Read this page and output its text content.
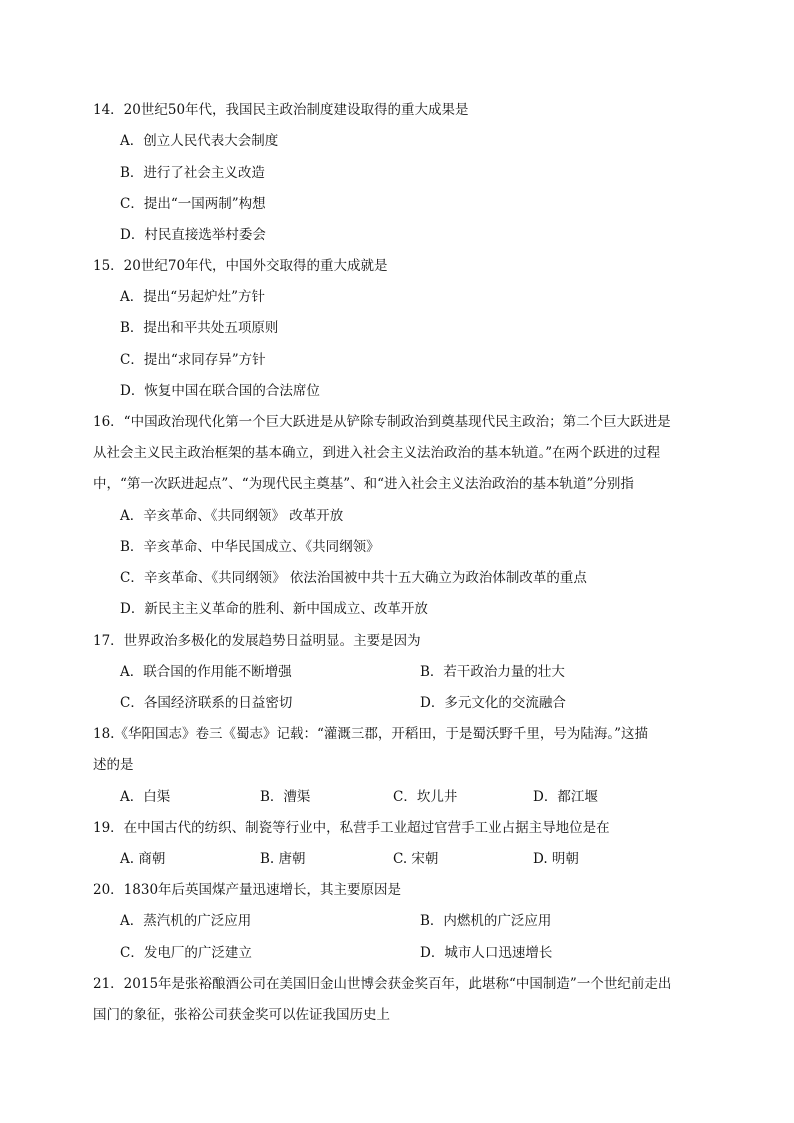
14．20世纪50年代，我国民主政治制度建设取得的重大成果是
A．创立人民代表大会制度
B．进行了社会主义改造
C．提出“一国两制”构想
D．村民直接选举村委会
15．20世纪70年代，中国外交取得的重大成就是
A．提出“另起炉灶”方针
B．提出和平共处五项原则
C．提出“求同存异”方针
D．恢复中国在联合国的合法席位
16．“中国政治现代化第一个巨大跃进是从铲除专制政治到奠基现代民主政治；第二个巨大跃进是
从社会主义民主政治框架的基本确立，到进入社会主义法治政治的基本轨道。”在两个跃进的过程
中，“第一次跃进起点”、“为现代民主奠基”、和“进入社会主义法治政治的基本轨道”分别指
A．辛亥革命、《共同纲领》 改革开放
B．辛亥革命、中华民国成立、《共同纲领》
C．辛亥革命、《共同纲领》 依法治国被中共十五大确立为政治体制改革的重点
D．新民主主义革命的胜利、新中国成立、改革开放
17．世界政治多极化的发展趋势日益明显。主要是因为
A．联合国的作用能不断增强	B．若干政治力量的壮大
C．各国经济联系的日益密切	D．多元文化的交流融合
18.《华阳国志》卷三《蜀志》记载：“灌溉三郡，开稻田，于是蜀沃野千里，号为陆海。”这描
述的是
A．白渠	B．漕渠	C．坎儿井	D．都江堰
19．在中国古代的纺织、制瓷等行业中，私营手工业超过官营手工业占据主导地位是在
A. 商朝	B. 唐朝	C. 宋朝	D. 明朝
20．1830年后英国煤产量迅速增长，其主要原因是
A．蒸汽机的广泛应用	B．内燃机的广泛应用
C．发电厂的广泛建立	D．城市人口迅速增长
21．2015年是张裕酿酒公司在美国旧金山世博会获金奖百年，此堪称“中国制造”一个世纪前走出
国门的象征，张裕公司获金奖可以佐证我国历史上
